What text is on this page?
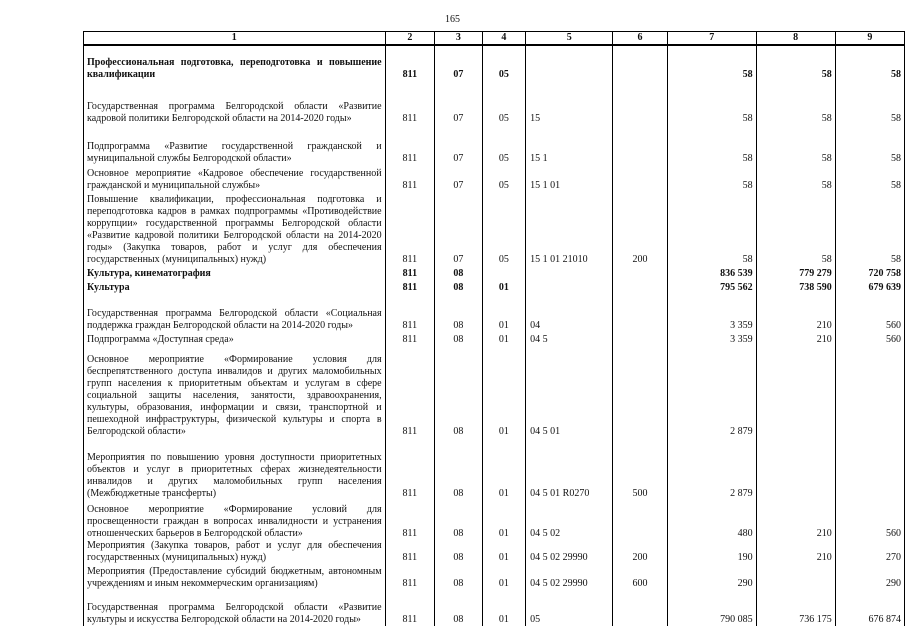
165
1	2	3	4	5	6	7	8	9
Профессиональная подготовка, переподготовка и повышение квалификации	811	07	05			58	58	58
Государственная программа Белгородской области «Развитие кадровой политики Белгородской области на 2014-2020 годы»	811	07	05	15		58	58	58
Подпрограмма «Развитие государственной гражданской и муниципальной службы Белгородской области»	811	07	05	15 1		58	58	58
Основное мероприятие «Кадровое обеспечение государственной гражданской и муниципальной службы»	811	07	05	15 1 01		58	58	58
Повышение квалификации, профессиональная подготовка и переподготовка кадров в рамках подпрограммы «Противодействие коррупции» государственной программы Белгородской области «Развитие кадровой политики Белгородской области на 2014-2020 годы» (Закупка товаров, работ и услуг для обеспечения государственных (муниципальных) нужд)	811	07	05	15 1 01 21010	200	58	58	58
Культура, кинематография	811	08				836 539	779 279	720 758
Культура	811	08	01			795 562	738 590	679 639
Государственная программа Белгородской области «Социальная поддержка граждан Белгородской области на 2014-2020 годы»	811	08	01	04		3 359	210	560
Подпрограмма «Доступная среда»	811	08	01	04 5		3 359	210	560
Основное мероприятие «Формирование условия для беспрепятственного доступа инвалидов и других маломобильных групп населения к приоритетным объектам и услугам в сфере социальной защиты населения, занятости, здравоохранения, культуры, образования, информации и связи, транспортной и пешеходной инфраструктуры, физической культуры и спорта в Белгородской области»	811	08	01	04 5 01		2 879		
Мероприятия по повышению уровня доступности приоритетных объектов и услуг в приоритетных сферах жизнедеятельности инвалидов и других маломобильных групп населения (Межбюджетные трансферты)	811	08	01	04 5 01 R0270	500	2 879		
Основное мероприятие «Формирование условий для просвещенности граждан в вопросах инвалидности и устранения отношенческих барьеров в Белгородской области»	811	08	01	04 5 02		480	210	560
Мероприятия (Закупка товаров, работ и услуг для обеспечения государственных (муниципальных) нужд)	811	08	01	04 5 02 29990	200	190	210	270
Мероприятия (Предоставление субсидий бюджетным, автономным учреждениям и иным некоммерческим организациям)	811	08	01	04 5 02 29990	600	290		290
Государственная программа Белгородской области «Развитие культуры и искусства Белгородской области на 2014-2020 годы»	811	08	01	05		790 085	736 175	676 874
